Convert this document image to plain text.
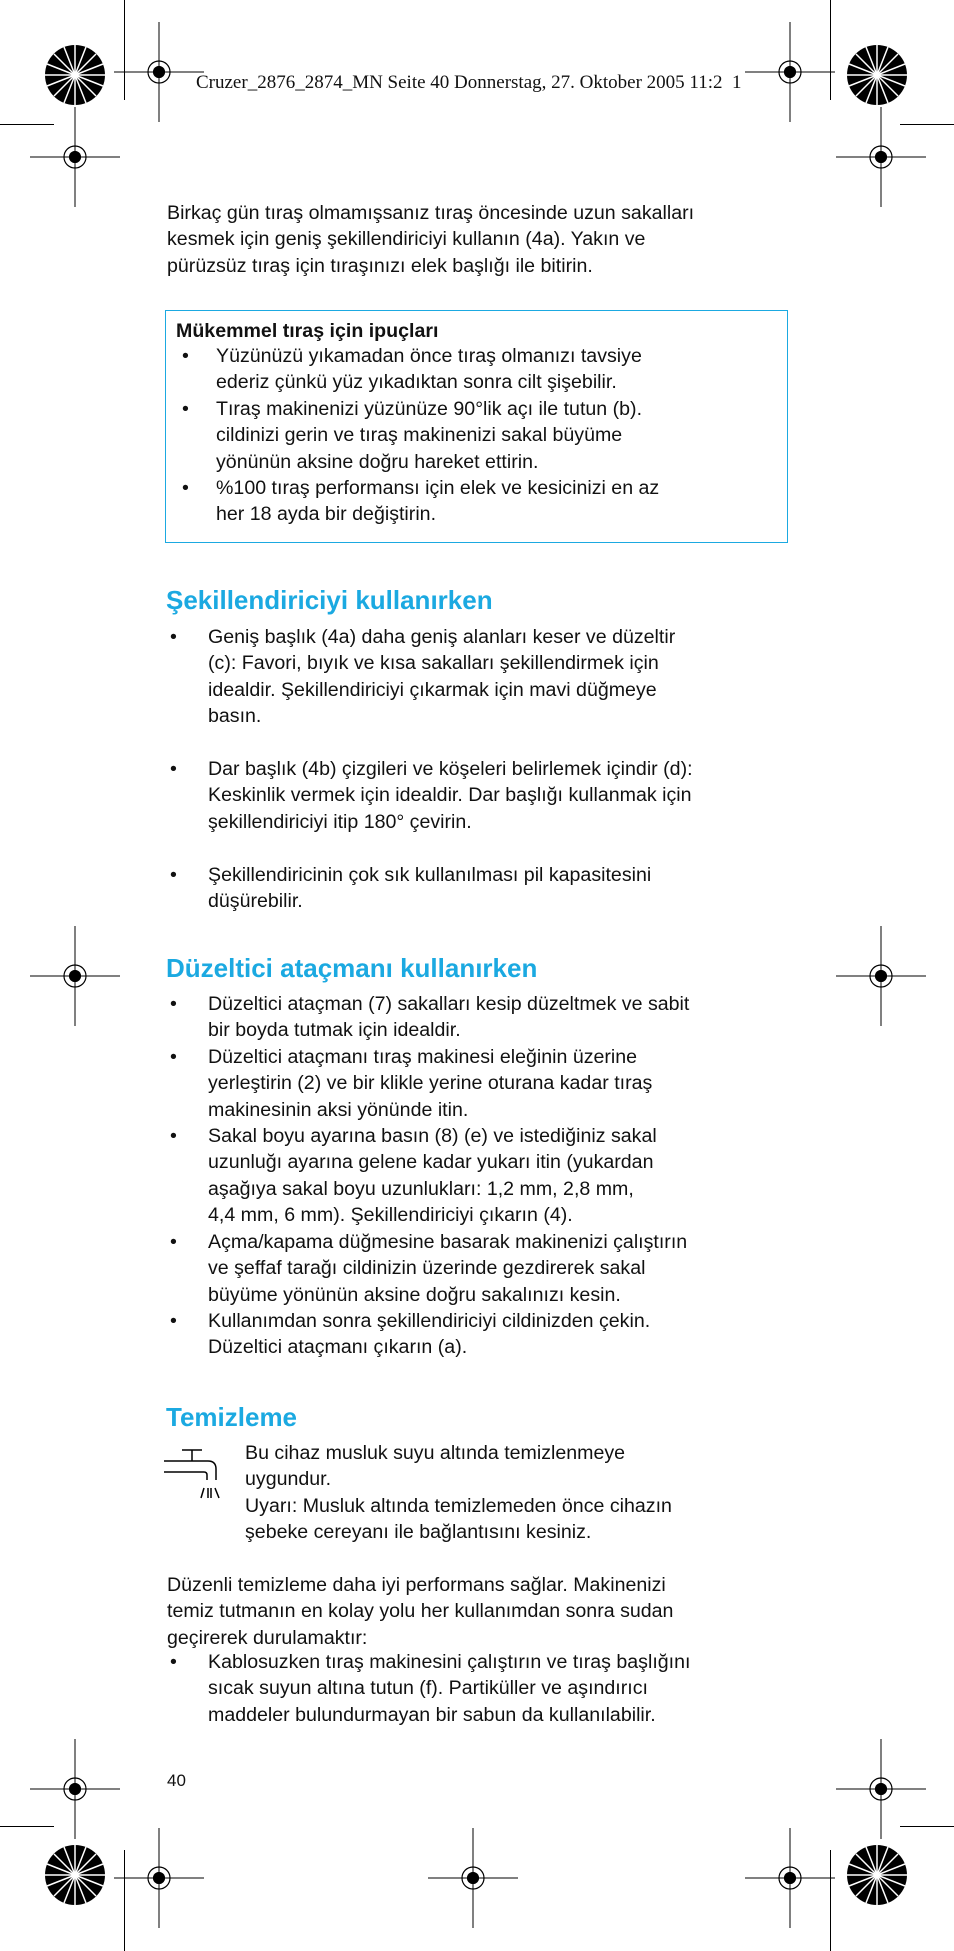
Cruzer_2876_2874_MN Seite 40 Donnerstag, 27. Oktober 2005 11:2  1
Birkaç gün tıraş olmamışsanız tıraş öncesinde uzun sakalları
kesmek için geniş şekillendiriciyi kullanın (4a). Yakın ve
pürüzsüz tıraş için tıraşınızı elek başlığı ile bitirin.
Mükemmel tıraş için ipuçları
• Yüzünüzü yıkamadan önce tıraş olmanızı tavsiye
ederiz çünkü yüz yıkadıktan sonra cilt şişebilir.
• Tıraş makinenizi yüzünüze 90°lik açı ile tutun (b).
cildinizi gerin ve tıraş makinenizi sakal büyüme
yönünün aksine doğru hareket ettirin.
• %100 tıraş performansı için elek ve kesicinizi en az
her 18 ayda bir değiştirin.
Şekillendiriciyi kullanırken
• Geniş başlık (4a) daha geniş alanları keser ve düzeltir
(c): Favori, bıyık ve kısa sakalları şekillendirmek için
idealdir. Şekillendiriciyi çıkarmak için mavi düğmeye
basın.
• Dar başlık (4b) çizgileri ve köşeleri belirlemek içindir (d):
Keskinlik vermek için idealdir. Dar başlığı kullanmak için
şekillendiriciyi itip 180° çevirin.
• Şekillendiricinin çok sık kullanılması pil kapasitesini
düşürebilir.
Düzeltici ataçmanı kullanırken
• Düzeltici ataçman (7) sakalları kesip düzeltmek ve sabit
bir boyda tutmak için idealdir.
• Düzeltici ataçmanı tıraş makinesi eleğinin üzerine
yerleştirin (2) ve bir klikle yerine oturana kadar tıraş
makinesinin aksi yönünde itin.
• Sakal boyu ayarına basın (8) (e) ve istediğiniz sakal
uzunluğı ayarına gelene kadar yukarı itin (yukardan
aşağıya sakal boyu uzunlukları: 1,2 mm, 2,8 mm,
4,4 mm, 6 mm). Şekillendiriciyi çıkarın (4).
• Açma/kapama düğmesine basarak makinenizi çalıştırın
ve şeffaf tarağı cildinizin üzerinde gezdirerek sakal
büyüme yönünün aksine doğru sakalınızı kesin.
• Kullanımdan sonra şekillendiriciyi cildinizden çekin.
Düzeltici ataçmanı çıkarın (a).
Temizleme
Bu cihaz musluk suyu altında temizlenmeye
uygundur.
Uyarı: Musluk altında temizlemeden önce cihazın
şebeke cereyanı ile bağlantısını kesiniz.
Düzenli temizleme daha iyi performans sağlar. Makinenizi
temiz tutmanın en kolay yolu her kullanımdan sonra sudan
geçirerek durulamaktır:
• Kablosuzken tıraş makinesini çalıştırın ve tıraş başlığını
sıcak suyun altına tutun (f). Partiküller ve aşındırıcı
maddeler bulundurmayan bir sabun da kullanılabilir.
40
